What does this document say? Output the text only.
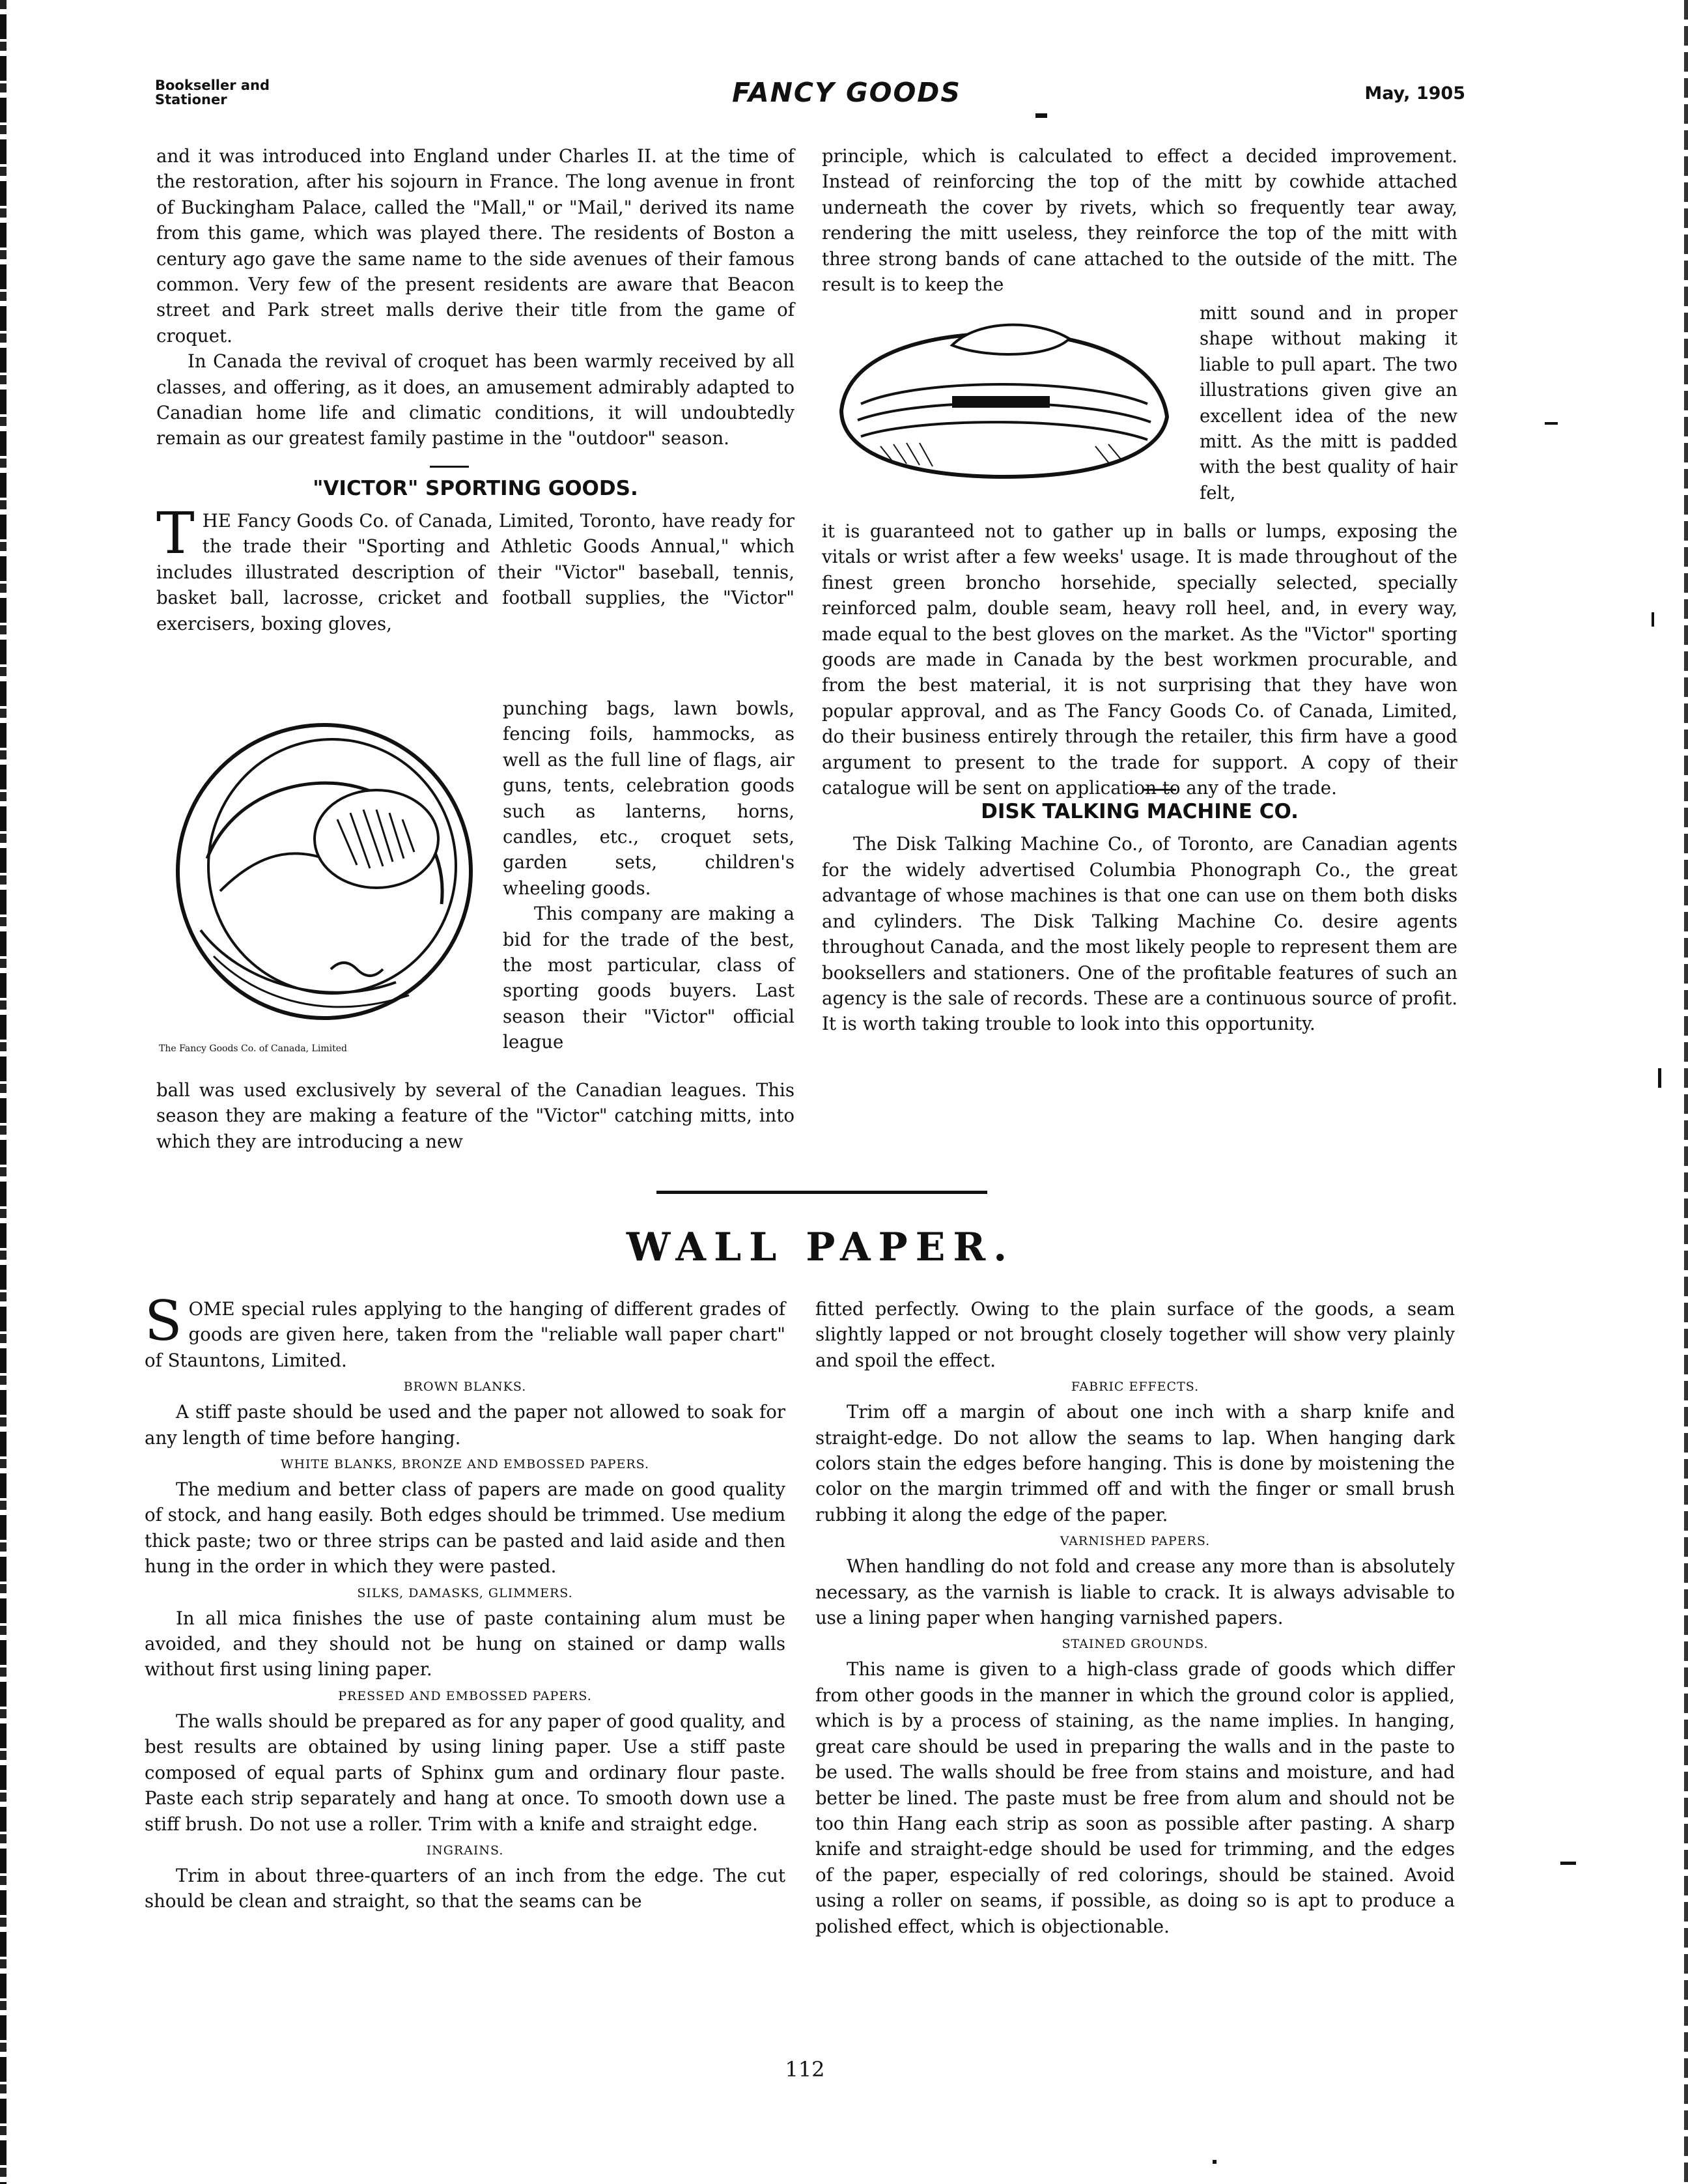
Bookseller and
Stationer	FANCY GOODS	May, 1905

and it was introduced into England under Charles II. at the time of the restoration, after his sojourn in France. The long avenue in front of Buckingham Palace, called the "Mall," or "Mail," derived its name from this game, which was played there. The residents of Boston a century ago gave the same name to the side avenues of their famous common. Very few of the present residents are aware that Beacon street and Park street malls derive their title from the game of croquet.

In Canada the revival of croquet has been warmly received by all classes, and offering, as it does, an amusement admirably adapted to Canadian home life and climatic conditions, it will undoubtedly remain as our greatest family pastime in the "outdoor" season.

"VICTOR" SPORTING GOODS.

THE Fancy Goods Co. of Canada, Limited, Toronto, have ready for the trade their "Sporting and Athletic Goods Annual," which includes illustrated description of their "Victor" baseball, tennis, basket ball, lacrosse, cricket and football supplies, the "Victor" exercisers, boxing gloves,

The Fancy Goods Co. of Canada, Limited

punching bags, lawn bowls, fencing foils, hammocks, as well as the full line of flags, air guns, tents, celebration goods such as lanterns, horns, candles, etc., croquet sets, garden sets, children's wheeling goods.

This company are making a bid for the trade of the best, the most particular, class of sporting goods buyers. Last season their "Victor" official league

ball was used exclusively by several of the Canadian leagues. This season they are making a feature of the "Victor" catching mitts, into which they are introducing a new

principle, which is calculated to effect a decided improvement. Instead of reinforcing the top of the mitt by cowhide attached underneath the cover by rivets, which so frequently tear away, rendering the mitt useless, they reinforce the top of the mitt with three strong bands of cane attached to the outside of the mitt. The result is to keep the

mitt sound and in proper shape without making it liable to pull apart. The two illustrations given give an excellent idea of the new mitt. As the mitt is padded with the best quality of hair felt,

it is guaranteed not to gather up in balls or lumps, exposing the vitals or wrist after a few weeks' usage. It is made throughout of the finest green broncho horsehide, specially selected, specially reinforced palm, double seam, heavy roll heel, and, in every way, made equal to the best gloves on the market. As the "Victor" sporting goods are made in Canada by the best workmen procurable, and from the best material, it is not surprising that they have won popular approval, and as The Fancy Goods Co. of Canada, Limited, do their business entirely through the retailer, this firm have a good argument to present to the trade for support. A copy of their catalogue will be sent on application to any of the trade.

DISK TALKING MACHINE CO.

The Disk Talking Machine Co., of Toronto, are Canadian agents for the widely advertised Columbia Phonograph Co., the great advantage of whose machines is that one can use on them both disks and cylinders. The Disk Talking Machine Co. desire agents throughout Canada, and the most likely people to represent them are booksellers and stationers. One of the profitable features of such an agency is the sale of records. These are a continuous source of profit. It is worth taking trouble to look into this opportunity.

WALL PAPER.

SOME special rules applying to the hanging of different grades of goods are given here, taken from the "reliable wall paper chart" of Stauntons, Limited.

BROWN BLANKS.

A stiff paste should be used and the paper not allowed to soak for any length of time before hanging.

WHITE BLANKS, BRONZE AND EMBOSSED PAPERS.

The medium and better class of papers are made on good quality of stock, and hang easily. Both edges should be trimmed. Use medium thick paste; two or three strips can be pasted and laid aside and then hung in the order in which they were pasted.

SILKS, DAMASKS, GLIMMERS.

In all mica finishes the use of paste containing alum must be avoided, and they should not be hung on stained or damp walls without first using lining paper.

PRESSED AND EMBOSSED PAPERS.

The walls should be prepared as for any paper of good quality, and best results are obtained by using lining paper. Use a stiff paste composed of equal parts of Sphinx gum and ordinary flour paste. Paste each strip separately and hang at once. To smooth down use a stiff brush. Do not use a roller. Trim with a knife and straight edge.

INGRAINS.

Trim in about three-quarters of an inch from the edge. The cut should be clean and straight, so that the seams can be

fitted perfectly. Owing to the plain surface of the goods, a seam slightly lapped or not brought closely together will show very plainly and spoil the effect.

FABRIC EFFECTS.

Trim off a margin of about one inch with a sharp knife and straight-edge. Do not allow the seams to lap. When hanging dark colors stain the edges before hanging. This is done by moistening the color on the margin trimmed off and with the finger or small brush rubbing it along the edge of the paper.

VARNISHED PAPERS.

When handling do not fold and crease any more than is absolutely necessary, as the varnish is liable to crack. It is always advisable to use a lining paper when hanging varnished papers.

STAINED GROUNDS.

This name is given to a high-class grade of goods which differ from other goods in the manner in which the ground color is applied, which is by a process of staining, as the name implies. In hanging, great care should be used in preparing the walls and in the paste to be used. The walls should be free from stains and moisture, and had better be lined. The paste must be free from alum and should not be too thin Hang each strip as soon as possible after pasting. A sharp knife and straight-edge should be used for trimming, and the edges of the paper, especially of red colorings, should be stained. Avoid using a roller on seams, if possible, as doing so is apt to produce a polished effect, which is objectionable.

112
